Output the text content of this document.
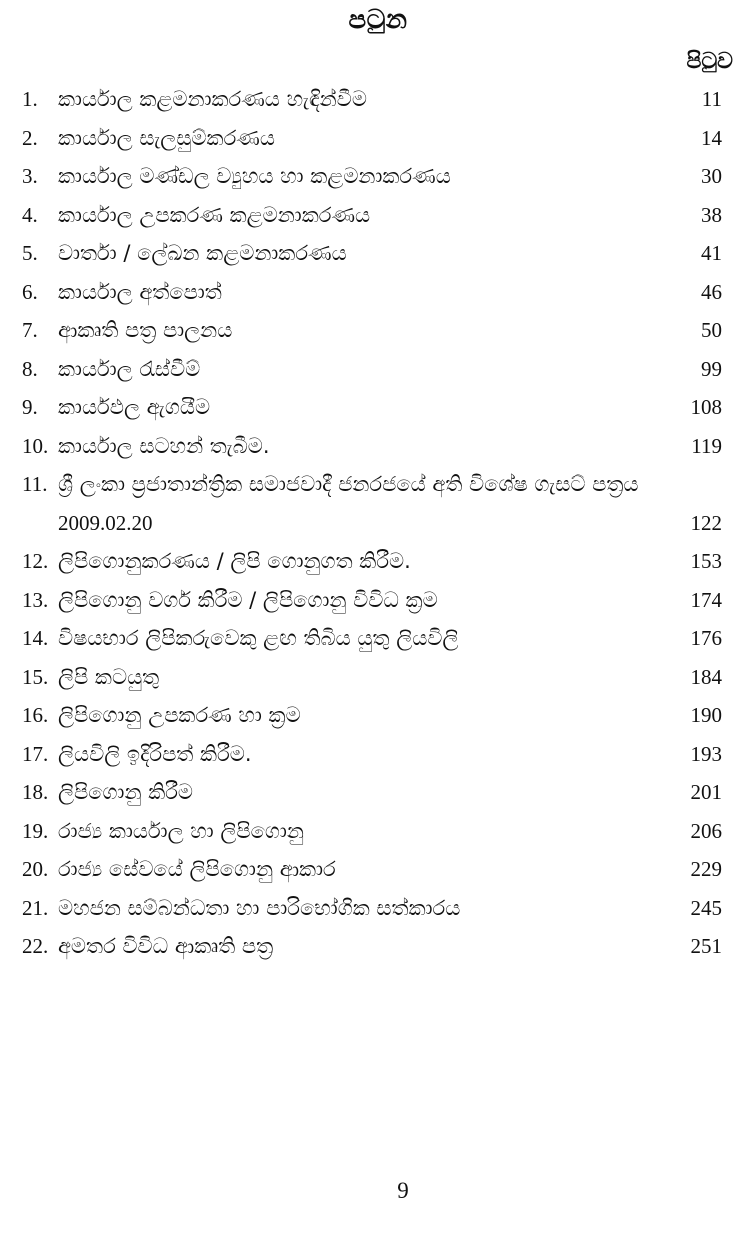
පටුන
පිටුව
1. කාර්යාල කළමනාකරණය හැඳින්වීම	11
2. කාර්යාල සැලසුම්කරණය	14
3. කාර්යාල මණ්ඩල ව්‍යුහය හා කළමනාකරණය	30
4. කාර්යාල උපකරණ කළමනාකරණය	38
5. වාර්තා / ලේඛන කළමනාකරණය	41
6. කාර්යාල අත්පොත්	46
7. ආකෘති පත්‍ර පාලනය	50
8. කාර්යාල රැස්වීම්	99
9. කාර්යඵල ඇගයීම	108
10. කාර්යාල සටහන් තැබීම.	119
11. ශ්‍රී ලංකා ප්‍රජාතාන්ත්‍රික සමාජවාදී ජනරජයේ අති විශේෂ ගැසට් පත්‍රය
2009.02.20	122
12. ලිපිගොනුකරණය / ලිපි ගොනුගත කිරීම.	153
13. ලිපිගොනු වර්ග කිරීම / ලිපිගොනු විවිධ ක්‍රම	174
14. විෂයභාර ලිපිකරුවෙකු ළඟ තිබිය යුතු ලියවිලි	176
15. ලිපි කටයුතු	184
16. ලිපිගොනු උපකරණ හා ක්‍රම	190
17. ලියවිලි ඉදිරිපත් කිරීම.	193
18. ලිපිගොනු කිරීම	201
19. රාජ්‍ය කාර්යාල හා ලිපිගොනු	206
20. රාජ්‍ය සේවයේ ලිපිගොනු ආකාර	229
21. මහජන සම්බන්ධතා හා පාරිභෝගික සත්කාරය	245
22. අමතර විවිධ ආකෘති පත්‍ර	251
9
